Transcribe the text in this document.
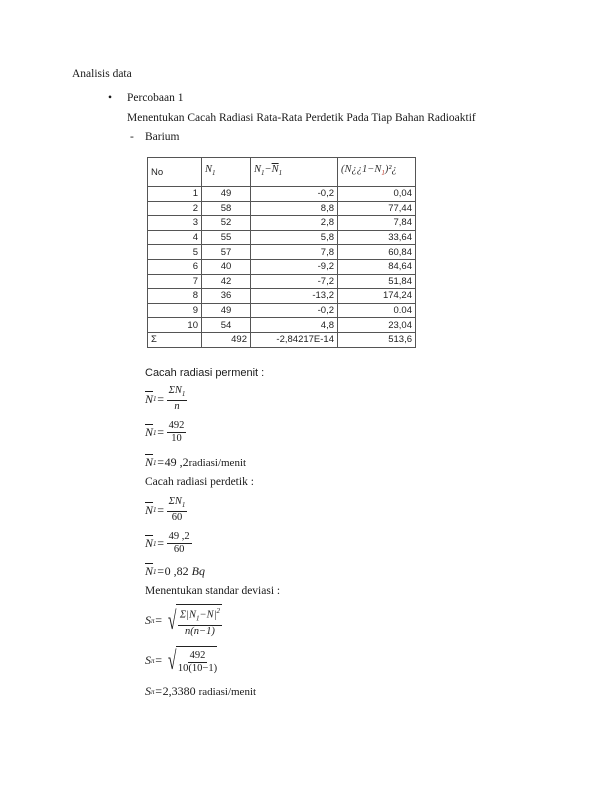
Analisis data
• Percobaan 1
Menentukan Cacah Radiasi Rata-Rata Perdetik Pada Tiap Bahan Radioaktif
- Barium
No	$N_1$	$N_1-\overline{N}_1$	$(N¿¿1-N_1)^2¿$
1	49	-0,2	0,04
2	58	8,8	77,44
3	52	2,8	7,84
4	55	5,8	33,64
5	57	7,8	60,84
6	40	-9,2	84,64
7	42	-7,2	51,84
8	36	-13,2	174,24
9	49	-0,2	0.04
10	54	4,8	23,04
Σ	492	-2,84217E-14	513,6
Cacah radiasi permenit :
$\overline{N}$ $1 = \frac{\Sigma N_1}{n}$
$\overline{N}$ $1 = \frac{492}{10}$
$\overline{N}$ 1 = 49 ,2 radiasi/menit
Cacah radiasi perdetik :
$\overline{N}$ $1 = \frac{\Sigma N_1}{60}$
$\overline{N}$ $1 = \frac{49 ,2}{60}$
$\overline{N}$ 1 = 0 ,82
Bq
Menentukan standar deviasi :
S π = √ $\frac{\Sigma|N_1-N|^2}{n(n-1)}$
S π = √ $\frac{492}{10(10-1)}$
S π = 2,3380
radiasi/menit
